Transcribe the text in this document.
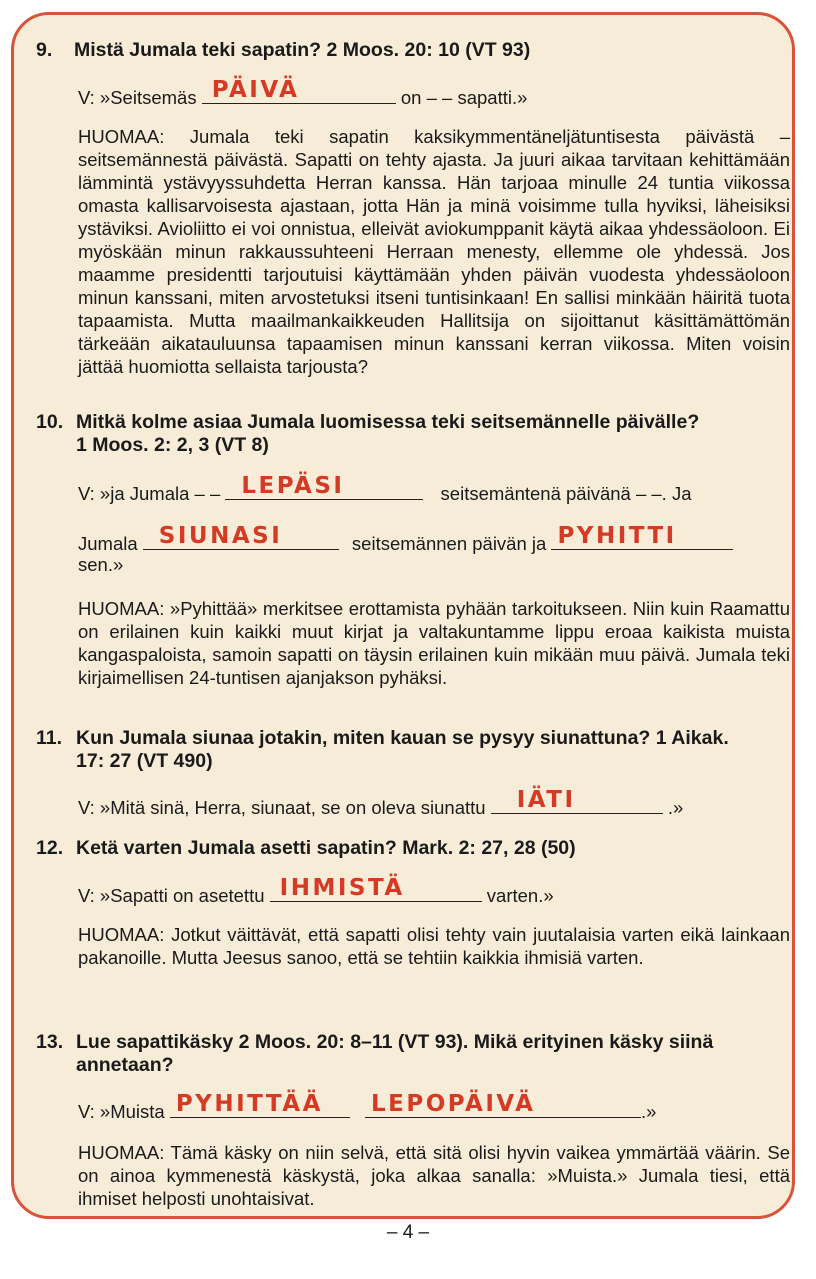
9. Mistä Jumala teki sapatin? 2 Moos. 20: 10 (VT 93)

V: »Seitsemäs PÄIVÄ	on – – sapatti.»

HUOMAA: Jumala teki sapatin kaksikymmentäneljätuntisesta päivästä – seitsemännestä päivästä. Sapatti on tehty ajasta. Ja juuri aikaa tarvitaan kehittämään lämmintä ystävyyssuhdetta Herran kanssa. Hän tarjoaa minulle 24 tuntia viikossa omasta kallisarvoisesta ajastaan, jotta Hän ja minä voisimme tulla hyviksi, läheisiksi ystäviksi. Avioliitto ei voi onnistua, elleivät aviokumppanit käytä aikaa yhdessäoloon. Ei myöskään minun rakkaussuhteeni Herraan menesty, ellemme ole yhdessä. Jos maamme presidentti tarjoutuisi käyttämään yhden päivän vuodesta yhdessäoloon minun kanssani, miten arvostetuksi itseni tuntisinkaan! En sallisi minkään häiritä tuota tapaamista. Mutta maailmankaikkeuden Hallitsija on sijoittanut käsittämättömän tärkeään aikatauluunsa tapaamisen minun kanssani kerran viikossa. Miten voisin jättää huomiotta sellaista tarjousta?

10. Mitkä kolme asiaa Jumala luomisessa teki seitsemännelle päivälle?
1 Moos. 2: 2, 3 (VT 8)

V: »ja Jumala – – LEPÄSI	seitsemäntenä päivänä – –. Ja

Jumala SIUNASI	seitsemännen päivän ja PYHITTI

sen.»

HUOMAA: »Pyhittää» merkitsee erottamista pyhään tarkoitukseen. Niin kuin Raamattu on erilainen kuin kaikki muut kirjat ja valtakuntamme lippu eroaa kaikista muista kangaspaloista, samoin sapatti on täysin erilainen kuin mikään muu päivä. Jumala teki kirjaimellisen 24-tuntisen ajanjakson pyhäksi.

11. Kun Jumala siunaa jotakin, miten kauan se pysyy siunattuna? 1 Aikak.
17: 27 (VT 490)

V: »Mitä sinä, Herra, siunaat, se on oleva siunattu IÄTI	.»

12. Ketä varten Jumala asetti sapatin? Mark. 2: 27, 28 (50)

V: »Sapatti on asetettu IHMISTÄ	varten.»

HUOMAA: Jotkut väittävät, että sapatti olisi tehty vain juutalaisia varten eikä lainkaan pakanoille. Mutta Jeesus sanoo, että se tehtiin kaikkia ihmisiä varten.

13. Lue sapattikäsky 2 Moos. 20: 8–11 (VT 93). Mikä erityinen käsky siinä
annetaan?

V: »Muista PYHITTÄÄ
LEPOPÄIVÄ	.»

HUOMAA: Tämä käsky on niin selvä, että sitä olisi hyvin vaikea ymmärtää väärin. Se on ainoa kymmenestä käskystä, joka alkaa sanalla: »Muista.» Jumala tiesi, että ihmiset helposti unohtaisivat.

– 4 –
